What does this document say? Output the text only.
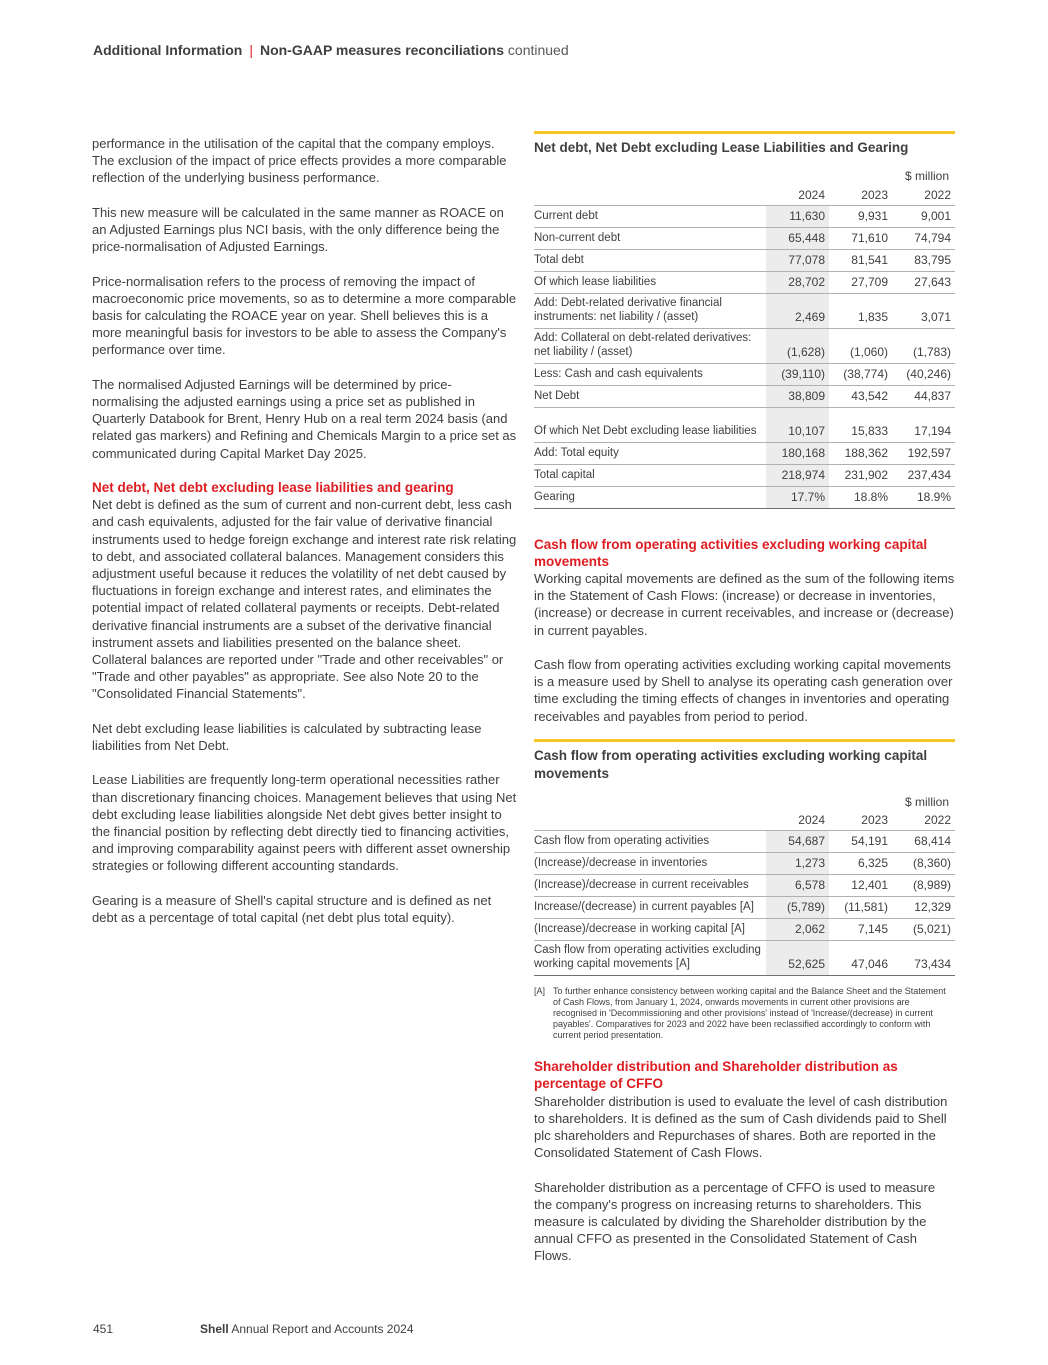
Additional Information | Non-GAAP measures reconciliations continued

performance in the utilisation of the capital that the company employs. The exclusion of the impact of price effects provides a more comparable reflection of the underlying business performance.

This new measure will be calculated in the same manner as ROACE on an Adjusted Earnings plus NCI basis, with the only difference being the price-normalisation of Adjusted Earnings.

Price-normalisation refers to the process of removing the impact of macroeconomic price movements, so as to determine a more comparable basis for calculating the ROACE year on year. Shell believes this is a more meaningful basis for investors to be able to assess the Company's performance over time.

The normalised Adjusted Earnings will be determined by price-normalising the adjusted earnings using a price set as published in Quarterly Databook for Brent, Henry Hub on a real term 2024 basis (and related gas markers) and Refining and Chemicals Margin to a price set as communicated during Capital Market Day 2025.

Net debt, Net debt excluding lease liabilities and gearing

Net debt is defined as the sum of current and non-current debt, less cash and cash equivalents, adjusted for the fair value of derivative financial instruments used to hedge foreign exchange and interest rate risk relating to debt, and associated collateral balances. Management considers this adjustment useful because it reduces the volatility of net debt caused by fluctuations in foreign exchange and interest rates, and eliminates the potential impact of related collateral payments or receipts. Debt-related derivative financial instruments are a subset of the derivative financial instrument assets and liabilities presented on the balance sheet. Collateral balances are reported under "Trade and other receivables" or "Trade and other payables" as appropriate. See also Note 20 to the "Consolidated Financial Statements".

Net debt excluding lease liabilities is calculated by subtracting lease liabilities from Net Debt.

Lease Liabilities are frequently long-term operational necessities rather than discretionary financing choices. Management believes that using Net debt excluding lease liabilities alongside Net debt gives better insight to the financial position by reflecting debt directly tied to financing activities, and improving comparability against peers with different asset ownership strategies or following different accounting standards.

Gearing is a measure of Shell's capital structure and is defined as net debt as a percentage of total capital (net debt plus total equity).

Net debt, Net Debt excluding Lease Liabilities and Gearing
$ million
	2024	2023	2022
Current debt	11,630	9,931	9,001
Non-current debt	65,448	71,610	74,794
Total debt	77,078	81,541	83,795
Of which lease liabilities	28,702	27,709	27,643
Add: Debt-related derivative financial instruments: net liability / (asset)	2,469	1,835	3,071
Add: Collateral on debt-related derivatives: net liability / (asset)	(1,628)	(1,060)	(1,783)
Less: Cash and cash equivalents	(39,110)	(38,774)	(40,246)
Net Debt	38,809	43,542	44,837
Of which Net Debt excluding lease liabilities	10,107	15,833	17,194
Add: Total equity	180,168	188,362	192,597
Total capital	218,974	231,902	237,434
Gearing	17.7%	18.8%	18.9%
Cash flow from operating activities excluding working capital movements

Working capital movements are defined as the sum of the following items in the Statement of Cash Flows: (increase) or decrease in inventories, (increase) or decrease in current receivables, and increase or (decrease) in current payables.

Cash flow from operating activities excluding working capital movements is a measure used by Shell to analyse its operating cash generation over time excluding the timing effects of changes in inventories and operating receivables and payables from period to period.

Cash flow from operating activities excluding working capital movements
$ million
	2024	2023	2022
Cash flow from operating activities	54,687	54,191	68,414
(Increase)/decrease in inventories	1,273	6,325	(8,360)
(Increase)/decrease in current receivables	6,578	12,401	(8,989)
Increase/(decrease) in current payables [A]	(5,789)	(11,581)	12,329
(Increase)/decrease in working capital [A]	2,062	7,145	(5,021)
Cash flow from operating activities excluding working capital movements [A]	52,625	47,046	73,434
[A] To further enhance consistency between working capital and the Balance Sheet and the Statement of Cash Flows, from January 1, 2024, onwards movements in current other provisions are recognised in 'Decommissioning and other provisions' instead of 'Increase/(decrease) in current payables'. Comparatives for 2023 and 2022 have been reclassified accordingly to conform with current period presentation.
Shareholder distribution and Shareholder distribution as percentage of CFFO

Shareholder distribution is used to evaluate the level of cash distribution to shareholders. It is defined as the sum of Cash dividends paid to Shell plc shareholders and Repurchases of shares. Both are reported in the Consolidated Statement of Cash Flows.

Shareholder distribution as a percentage of CFFO is used to measure the company's progress on increasing returns to shareholders. This measure is calculated by dividing the Shareholder distribution by the annual CFFO as presented in the Consolidated Statement of Cash Flows.

451	Shell Annual Report and Accounts 2024
